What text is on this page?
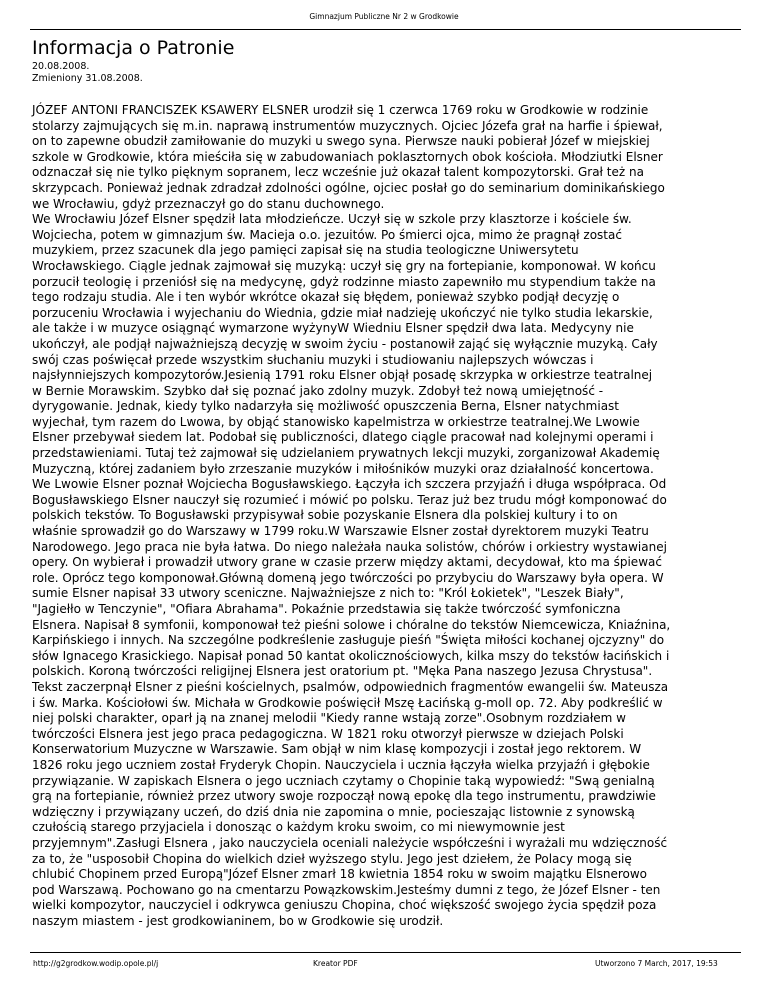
Gimnazjum Publiczne Nr 2 w Grodkowie
Informacja o Patronie
20.08.2008.
Zmieniony 31.08.2008.
JÓZEF ANTONI FRANCISZEK KSAWERY ELSNER urodził się 1 czerwca 1769 roku w Grodkowie w rodzinie
stolarzy zajmujących się m.in. naprawą instrumentów muzycznych. Ojciec Józefa grał na harfie i śpiewał,
on to zapewne obudził zamiłowanie do muzyki u swego syna. Pierwsze nauki pobierał Józef w miejskiej
szkole w Grodkowie, która mieściła się w zabudowaniach poklasztornych obok kościoła. Młodziutki Elsner
odznaczał się nie tylko pięknym sopranem, lecz wcześnie już okazał talent kompozytorski. Grał też na
skrzypcach. Ponieważ jednak zdradzał zdolności ogólne, ojciec posłał go do seminarium dominikańskiego
we Wrocławiu, gdyż przeznaczył go do stanu duchownego.
We Wrocławiu Józef Elsner spędził lata młodzieńcze. Uczył się w szkole przy klasztorze i kościele św.
Wojciecha, potem w gimnazjum św. Macieja o.o. jezuitów. Po śmierci ojca, mimo że pragnął zostać
muzykiem, przez szacunek dla jego pamięci zapisał się na studia teologiczne Uniwersytetu
Wrocławskiego. Ciągle jednak zajmował się muzyką: uczył się gry na fortepianie, komponował. W końcu
porzucił teologię i przeniósł się na medycynę, gdyż rodzinne miasto zapewniło mu stypendium także na
tego rodzaju studia. Ale i ten wybór wkrótce okazał się błędem, ponieważ szybko podjął decyzję o
porzuceniu Wrocławia i wyjechaniu do Wiednia, gdzie miał nadzieję ukończyć nie tylko studia lekarskie,
ale także i w muzyce osiągnąć wymarzone wyżynyW Wiedniu Elsner spędził dwa lata. Medycyny nie
ukończył, ale podjął najważniejszą decyzję w swoim życiu - postanowił zająć się wyłącznie muzyką. Cały
swój czas poświęcał przede wszystkim słuchaniu muzyki i studiowaniu najlepszych wówczas i
najsłynniejszych kompozytorów.Jesienią 1791 roku Elsner objął posadę skrzypka w orkiestrze teatralnej
w Bernie Morawskim. Szybko dał się poznać jako zdolny muzyk. Zdobył też nową umiejętność -
dyrygowanie. Jednak, kiedy tylko nadarzyła się możliwość opuszczenia Berna, Elsner natychmiast
wyjechał, tym razem do Lwowa, by objąć stanowisko kapelmistrza w orkiestrze teatralnej.We Lwowie
Elsner przebywał siedem lat. Podobał się publiczności, dlatego ciągle pracował nad kolejnymi operami i
przedstawieniami. Tutaj też zajmował się udzielaniem prywatnych lekcji muzyki, zorganizował Akademię
Muzyczną, której zadaniem było zrzeszanie muzyków i miłośników muzyki oraz działalność koncertowa.
We Lwowie Elsner poznał Wojciecha Bogusławskiego. Łączyła ich szczera przyjaźń i długa współpraca. Od
Bogusławskiego Elsner nauczył się rozumieć i mówić po polsku. Teraz już bez trudu mógł komponować do
polskich tekstów. To Bogusławski przypisywał sobie pozyskanie Elsnera dla polskiej kultury i to on
właśnie sprowadził go do Warszawy w 1799 roku.W Warszawie Elsner został dyrektorem muzyki Teatru
Narodowego. Jego praca nie była łatwa. Do niego należała nauka solistów, chórów i orkiestry wystawianej
opery. On wybierał i prowadził utwory grane w czasie przerw między aktami, decydował, kto ma śpiewać
role. Oprócz tego komponował.Główną domeną jego twórczości po przybyciu do Warszawy była opera. W
sumie Elsner napisał 33 utwory sceniczne. Najważniejsze z nich to: "Król Łokietek", "Leszek Biały",
"Jagiełło w Tenczynie", "Ofiara Abrahama". Pokaźnie przedstawia się także twórczość symfoniczna
Elsnera. Napisał 8 symfonii, komponował też pieśni solowe i chóralne do tekstów Niemcewicza, Kniaźnina,
Karpińskiego i innych. Na szczególne podkreślenie zasługuje pieśń "Święta miłości kochanej ojczyzny" do
słów Ignacego Krasickiego. Napisał ponad 50 kantat okolicznościowych, kilka mszy do tekstów łacińskich i
polskich. Koroną twórczości religijnej Elsnera jest oratorium pt. "Męka Pana naszego Jezusa Chrystusa".
Tekst zaczerpnął Elsner z pieśni kościelnych, psalmów, odpowiednich fragmentów ewangelii św. Mateusza
i św. Marka. Kościołowi św. Michała w Grodkowie poświęcił Mszę Łacińską g-moll op. 72. Aby podkreślić w
niej polski charakter, oparł ją na znanej melodii "Kiedy ranne wstają zorze".Osobnym rozdziałem w
twórczości Elsnera jest jego praca pedagogiczna. W 1821 roku otworzył pierwsze w dziejach Polski
Konserwatorium Muzyczne w Warszawie. Sam objął w nim klasę kompozycji i został jego rektorem. W
1826 roku jego uczniem został Fryderyk Chopin. Nauczyciela i ucznia łączyła wielka przyjaźń i głębokie
przywiązanie. W zapiskach Elsnera o jego uczniach czytamy o Chopinie taką wypowiedź: "Swą genialną
grą na fortepianie, również przez utwory swoje rozpoczął nową epokę dla tego instrumentu, prawdziwie
wdzięczny i przywiązany uczeń, do dziś dnia nie zapomina o mnie, pocieszając listownie z synowską
czułością starego przyjaciela i donosząc o każdym kroku swoim, co mi niewymownie jest
przyjemnym".Zasługi Elsnera , jako nauczyciela oceniali należycie współcześni i wyrażali mu wdzięczność
za to, że "usposobił Chopina do wielkich dzieł wyższego stylu. Jego jest dziełem, że Polacy mogą się
chlubić Chopinem przed Europą"Józef Elsner zmarł 18 kwietnia 1854 roku w swoim majątku Elsnerowo
pod Warszawą. Pochowano go na cmentarzu Powązkowskim.Jesteśmy dumni z tego, że Józef Elsner - ten
wielki kompozytor, nauczyciel i odkrywca geniuszu Chopina, choć większość swojego życia spędził poza
naszym miastem - jest grodkowianinem, bo w Grodkowie się urodził.
http://g2grodkow.wodip.opole.pl/j	Kreator PDF	Utworzono 7 March, 2017, 19:53
